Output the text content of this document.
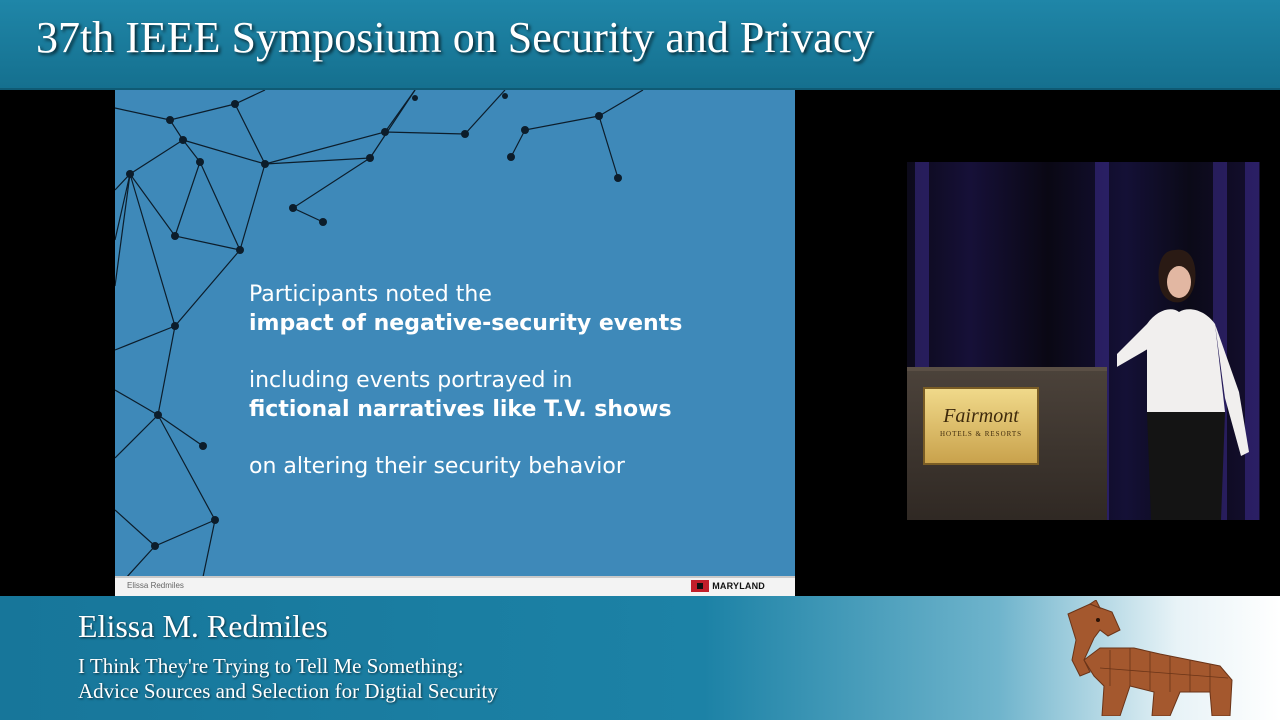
37th IEEE Symposium on Security and Privacy
Participants noted the
impact of negative-security events
including events portrayed in
fictional narratives like T.V. shows
on altering their security behavior
Elissa Redmiles	MARYLAND
Fairmont
HOTELS & RESORTS
Elissa M. Redmiles
I Think They're Trying to Tell Me Something:
Advice Sources and Selection for Digtial Security
